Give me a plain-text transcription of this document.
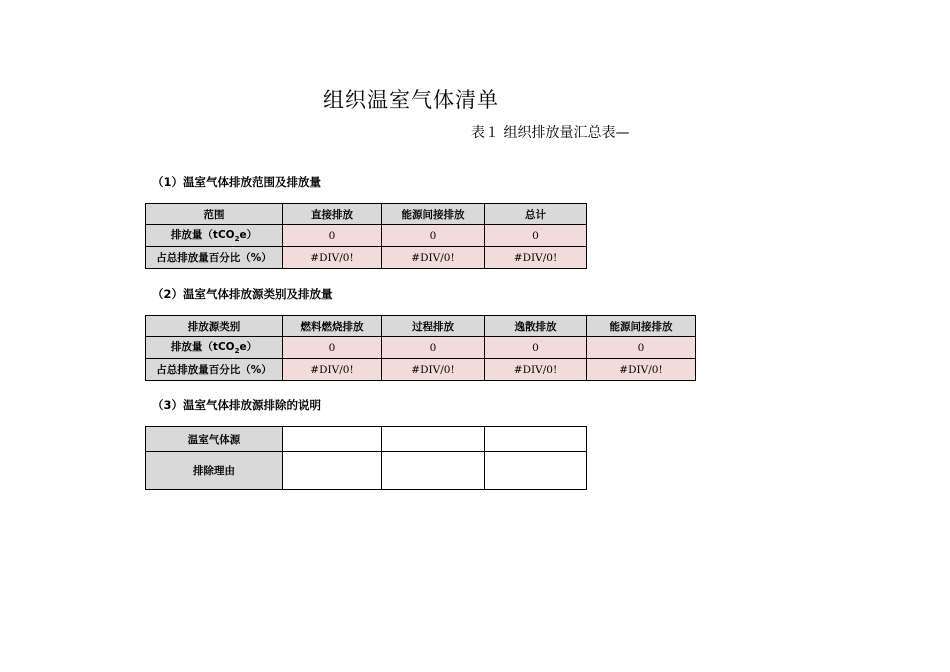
组织温室气体清单
表１ 组织排放量汇总表—
（1）温室气体排放范围及排放量
范围	直接排放	能源间接排放	总计
排放量（tCO$_2$e）	0	0	0
占总排放量百分比（%）	#DIV/0!	#DIV/0!	#DIV/0!
（2）温室气体排放源类别及排放量
排放源类别	燃料燃烧排放	过程排放	逸散排放	能源间接排放
排放量（tCO$_2$e）	0	0	0	0
占总排放量百分比（%）	#DIV/0!	#DIV/0!	#DIV/0!	#DIV/0!
（3）温室气体排放源排除的说明
温室气体源			
排除理由			
